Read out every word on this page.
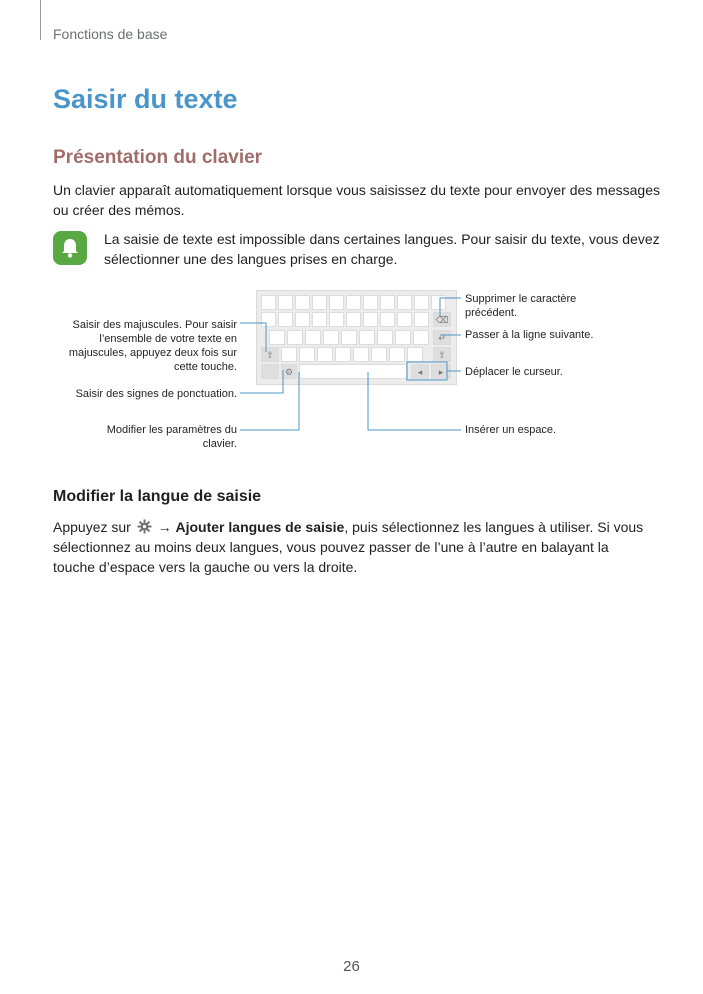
Fonctions de base
Saisir du texte
Présentation du clavier

Un clavier apparaît automatiquement lorsque vous saisissez du texte pour envoyer des messages ou créer des mémos.

La saisie de texte est impossible dans certaines langues. Pour saisir du texte, vous devez sélectionner une des langues prises en charge.

⌫
↵
⇧	⇧
⚙	◂	▸
Saisir des majuscules. Pour saisir l’ensemble de votre texte en majuscules, appuyez deux fois sur cette touche.
Saisir des signes de ponctuation.
Modifier les paramètres du clavier.
Supprimer le caractère précédent.
Passer à la ligne suivante.
Déplacer le curseur.
Insérer un espace.
Modifier la langue de saisie

Appuyez sur → Ajouter langues de saisie, puis sélectionnez les langues à utiliser. Si vous sélectionnez au moins deux langues, vous pouvez passer de l’une à l’autre en balayant la touche d’espace vers la gauche ou vers la droite.

26
